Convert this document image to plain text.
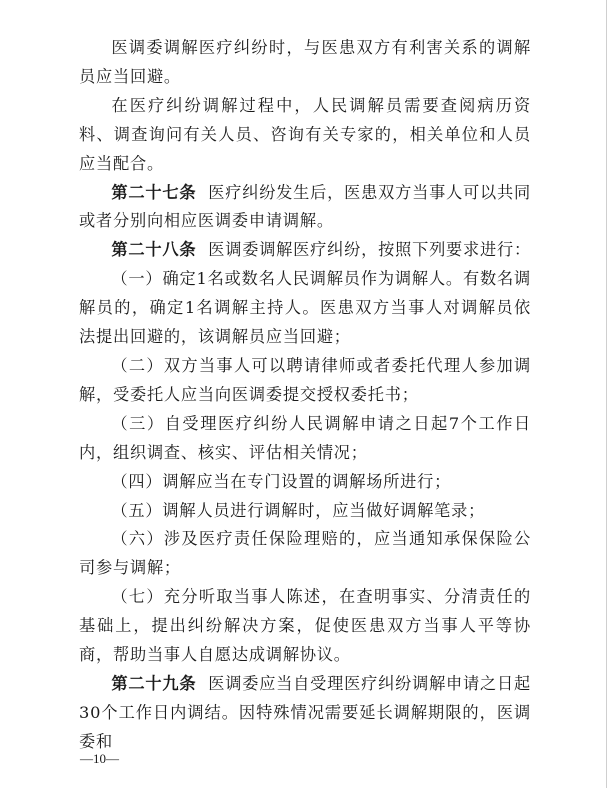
医调委调解医疗纠纷时，与医患双方有利害关系的调解员应当回避。

在医疗纠纷调解过程中，人民调解员需要查阅病历资料、调查询问有关人员、咨询有关专家的，相关单位和人员应当配合。

第二十七条 医疗纠纷发生后，医患双方当事人可以共同或者分别向相应医调委申请调解。

第二十八条 医调委调解医疗纠纷，按照下列要求进行：

（一）确定1名或数名人民调解员作为调解人。有数名调解员的，确定1名调解主持人。医患双方当事人对调解员依法提出回避的，该调解员应当回避；

（二）双方当事人可以聘请律师或者委托代理人参加调解，受委托人应当向医调委提交授权委托书；

（三）自受理医疗纠纷人民调解申请之日起7个工作日内，组织调查、核实、评估相关情况；

（四）调解应当在专门设置的调解场所进行；

（五）调解人员进行调解时，应当做好调解笔录；

（六）涉及医疗责任保险理赔的，应当通知承保保险公司参与调解；

（七）充分听取当事人陈述，在查明事实、分清责任的基础上，提出纠纷解决方案，促使医患双方当事人平等协商，帮助当事人自愿达成调解协议。

第二十九条 医调委应当自受理医疗纠纷调解申请之日起30个工作日内调结。因特殊情况需要延长调解期限的，医调委和

—10—
